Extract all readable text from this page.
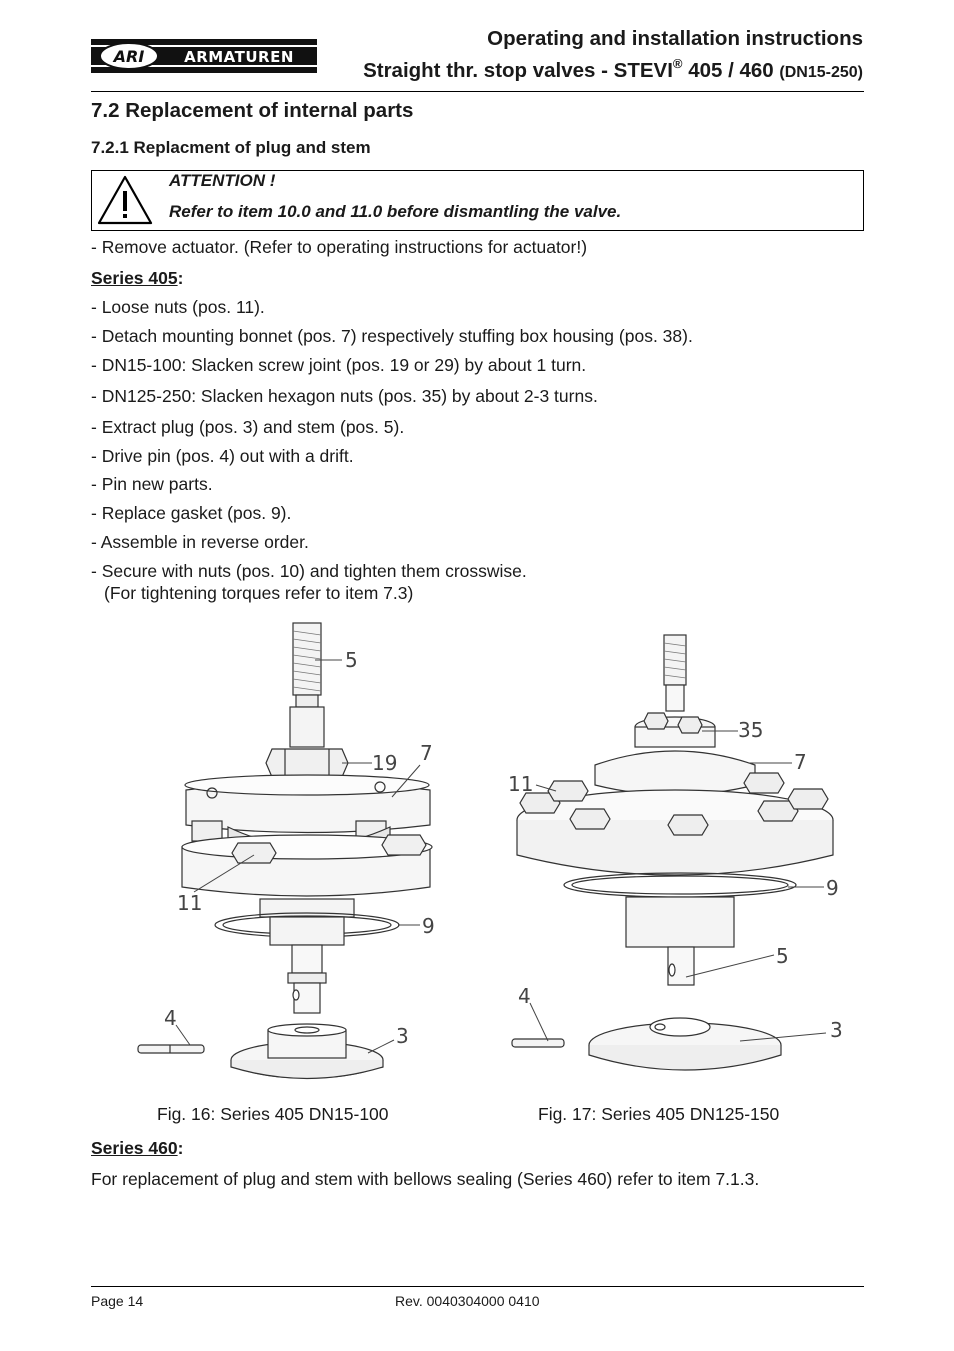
ARI	ARMATUREN
Operating and installation instructions
Straight thr. stop valves - STEVI® 405 / 460 (DN15-250)
7.2 Replacement of internal parts
7.2.1 Replacment of plug and stem
ATTENTION !
Refer to item 10.0 and 11.0 before dismantling the valve.
- Remove actuator. (Refer to operating instructions for actuator!)
Series 405:
- Loose nuts (pos. 11).
- Detach mounting bonnet (pos. 7) respectively stuffing box housing (pos. 38).
- DN15-100: Slacken screw joint (pos. 19 or 29) by about 1 turn.
- DN125-250: Slacken hexagon nuts (pos. 35) by about 2-3 turns.
- Extract plug (pos. 3) and stem (pos. 5).
- Drive pin (pos. 4) out with a drift.
- Pin new parts.
- Replace gasket (pos. 9).
- Assemble in reverse order.
- Secure with nuts (pos. 10) and tighten them crosswise.
(For tightening torques refer to item 7.3)
5
19 7
11
9
4
3
35
7
11
9
5
4
3
Fig. 16: Series 405 DN15-100	Fig. 17: Series 405 DN125-150
Series 460:
For replacement of plug and stem with bellows sealing (Series 460) refer to item 7.1.3.
Page 14	Rev. 0040304000 0410
